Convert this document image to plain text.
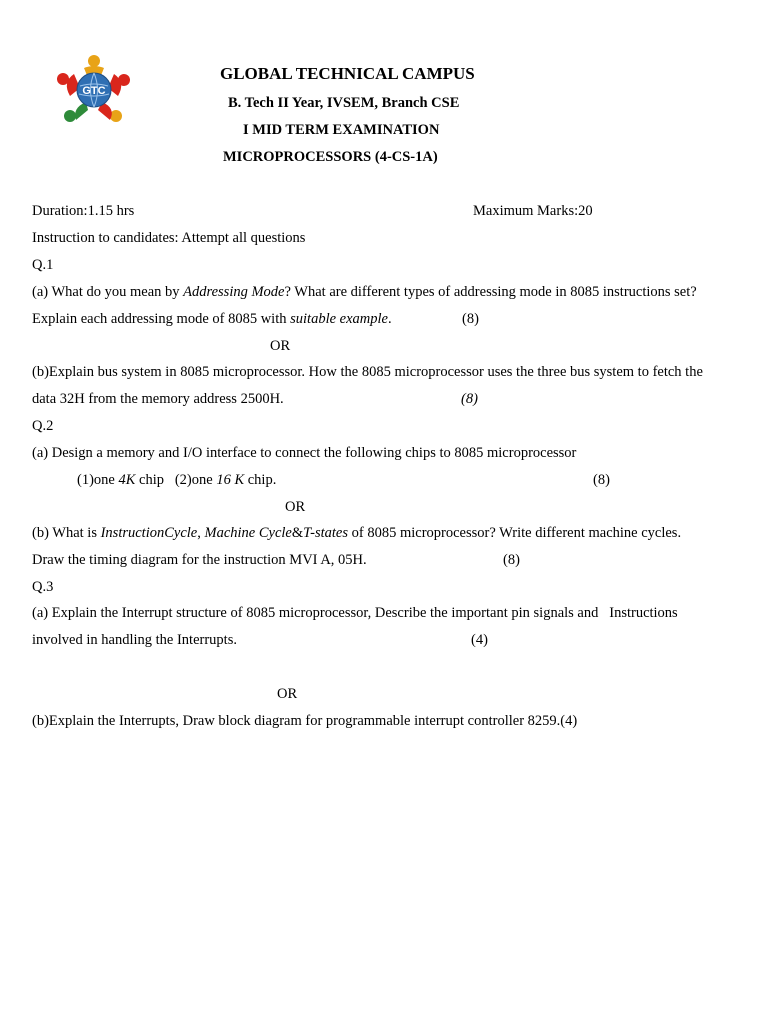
GTC
GLOBAL TECHNICAL CAMPUS
B. Tech II Year, IVSEM, Branch CSE
I MID TERM EXAMINATION
MICROPROCESSORS (4-CS-1A)
Duration:1.15 hrs	Maximum Marks:20
Instruction to candidates: Attempt all questions
Q.1
(a) What do you mean by Addressing Mode? What are different types of addressing mode in 8085 instructions set?
Explain each addressing mode of 8085 with suitable example.	(8)
OR
(b)Explain bus system in 8085 microprocessor. How the 8085 microprocessor uses the three bus system to fetch the
data 32H from the memory address 2500H.	(8)
Q.2
(a) Design a memory and I/O interface to connect the following chips to 8085 microprocessor
(1)one 4K chip   (2)one 16 K chip.	(8)
OR
(b) What is InstructionCycle, Machine Cycle&T-states of 8085 microprocessor? Write different machine cycles.
Draw the timing diagram for the instruction MVI A, 05H.	(8)
Q.3
(a) Explain the Interrupt structure of 8085 microprocessor, Describe the important pin signals and   Instructions
involved in handling the Interrupts.	(4)
OR
(b)Explain the Interrupts, Draw block diagram for programmable interrupt controller 8259.(4)
